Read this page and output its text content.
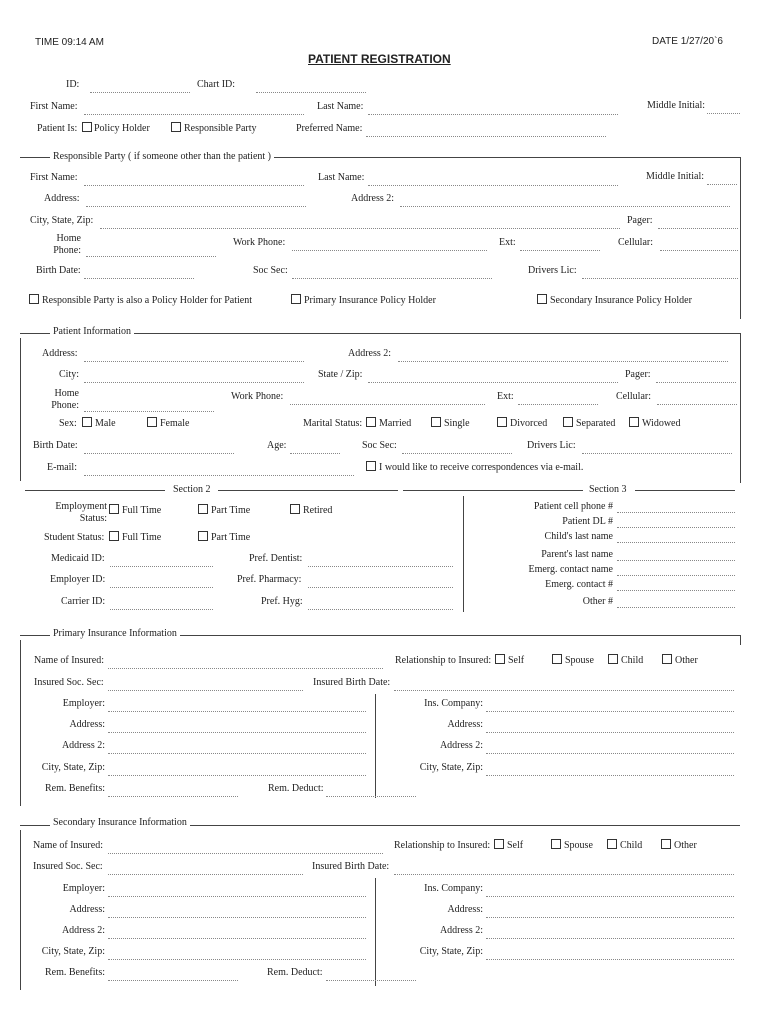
TIME 09:14 AM	DATE 1/27/20`6
PATIENT REGISTRATION
ID:	Chart ID:
First Name:	Last Name:	Middle Initial:
Patient Is: Policy Holder	Responsible Party	Preferred Name:
Responsible Party ( if someone other than the patient )
First Name:	Last Name:	Middle Initial:
Address:	Address 2:
City, State, Zip:	Pager:
Home
Phone:
Work Phone:	Ext:	Cellular:
Birth Date:	Soc Sec:	Drivers Lic:
Responsible Party is also a Policy Holder for Patient	Primary Insurance Policy Holder	Secondary Insurance Policy Holder
Patient Information
Address:	Address 2:
City:	State / Zip:	Pager:
Home
Phone:
Work Phone:	Ext:	Cellular:
Sex: Male	Female	Marital Status: Married	Single	Divorced	Separated	Widowed
Birth Date:	Age:	Soc Sec:	Drivers Lic:
E-mail:	I would like to receive correspondences via e-mail.
Section 2	Section 3
Employment
Status:
Full Time	Part Time	Retired
Student Status: Full Time	Part Time
Medicaid ID:	Pref. Dentist:
Employer ID:	Pref. Pharmacy:
Carrier ID:	Pref. Hyg:
Patient cell phone #
Patient DL #
Child's last name
Parent's last name
Emerg. contact name
Emerg. contact #
Other #
Primary Insurance Information
Name of Insured:	Relationship to Insured: Self	Spouse	Child	Other
Insured Soc. Sec:	Insured Birth Date:
Employer:	Ins. Company:
Address:	Address:
Address 2:	Address 2:
City, State, Zip:	City, State, Zip:
Rem. Benefits:	Rem. Deduct:
Secondary Insurance Information
Name of Insured:	Relationship to Insured: Self	Spouse	Child	Other
Insured Soc. Sec:	Insured Birth Date:
Employer:	Ins. Company:
Address:	Address:
Address 2:	Address 2:
City, State, Zip:	City, State, Zip:
Rem. Benefits:	Rem. Deduct:
